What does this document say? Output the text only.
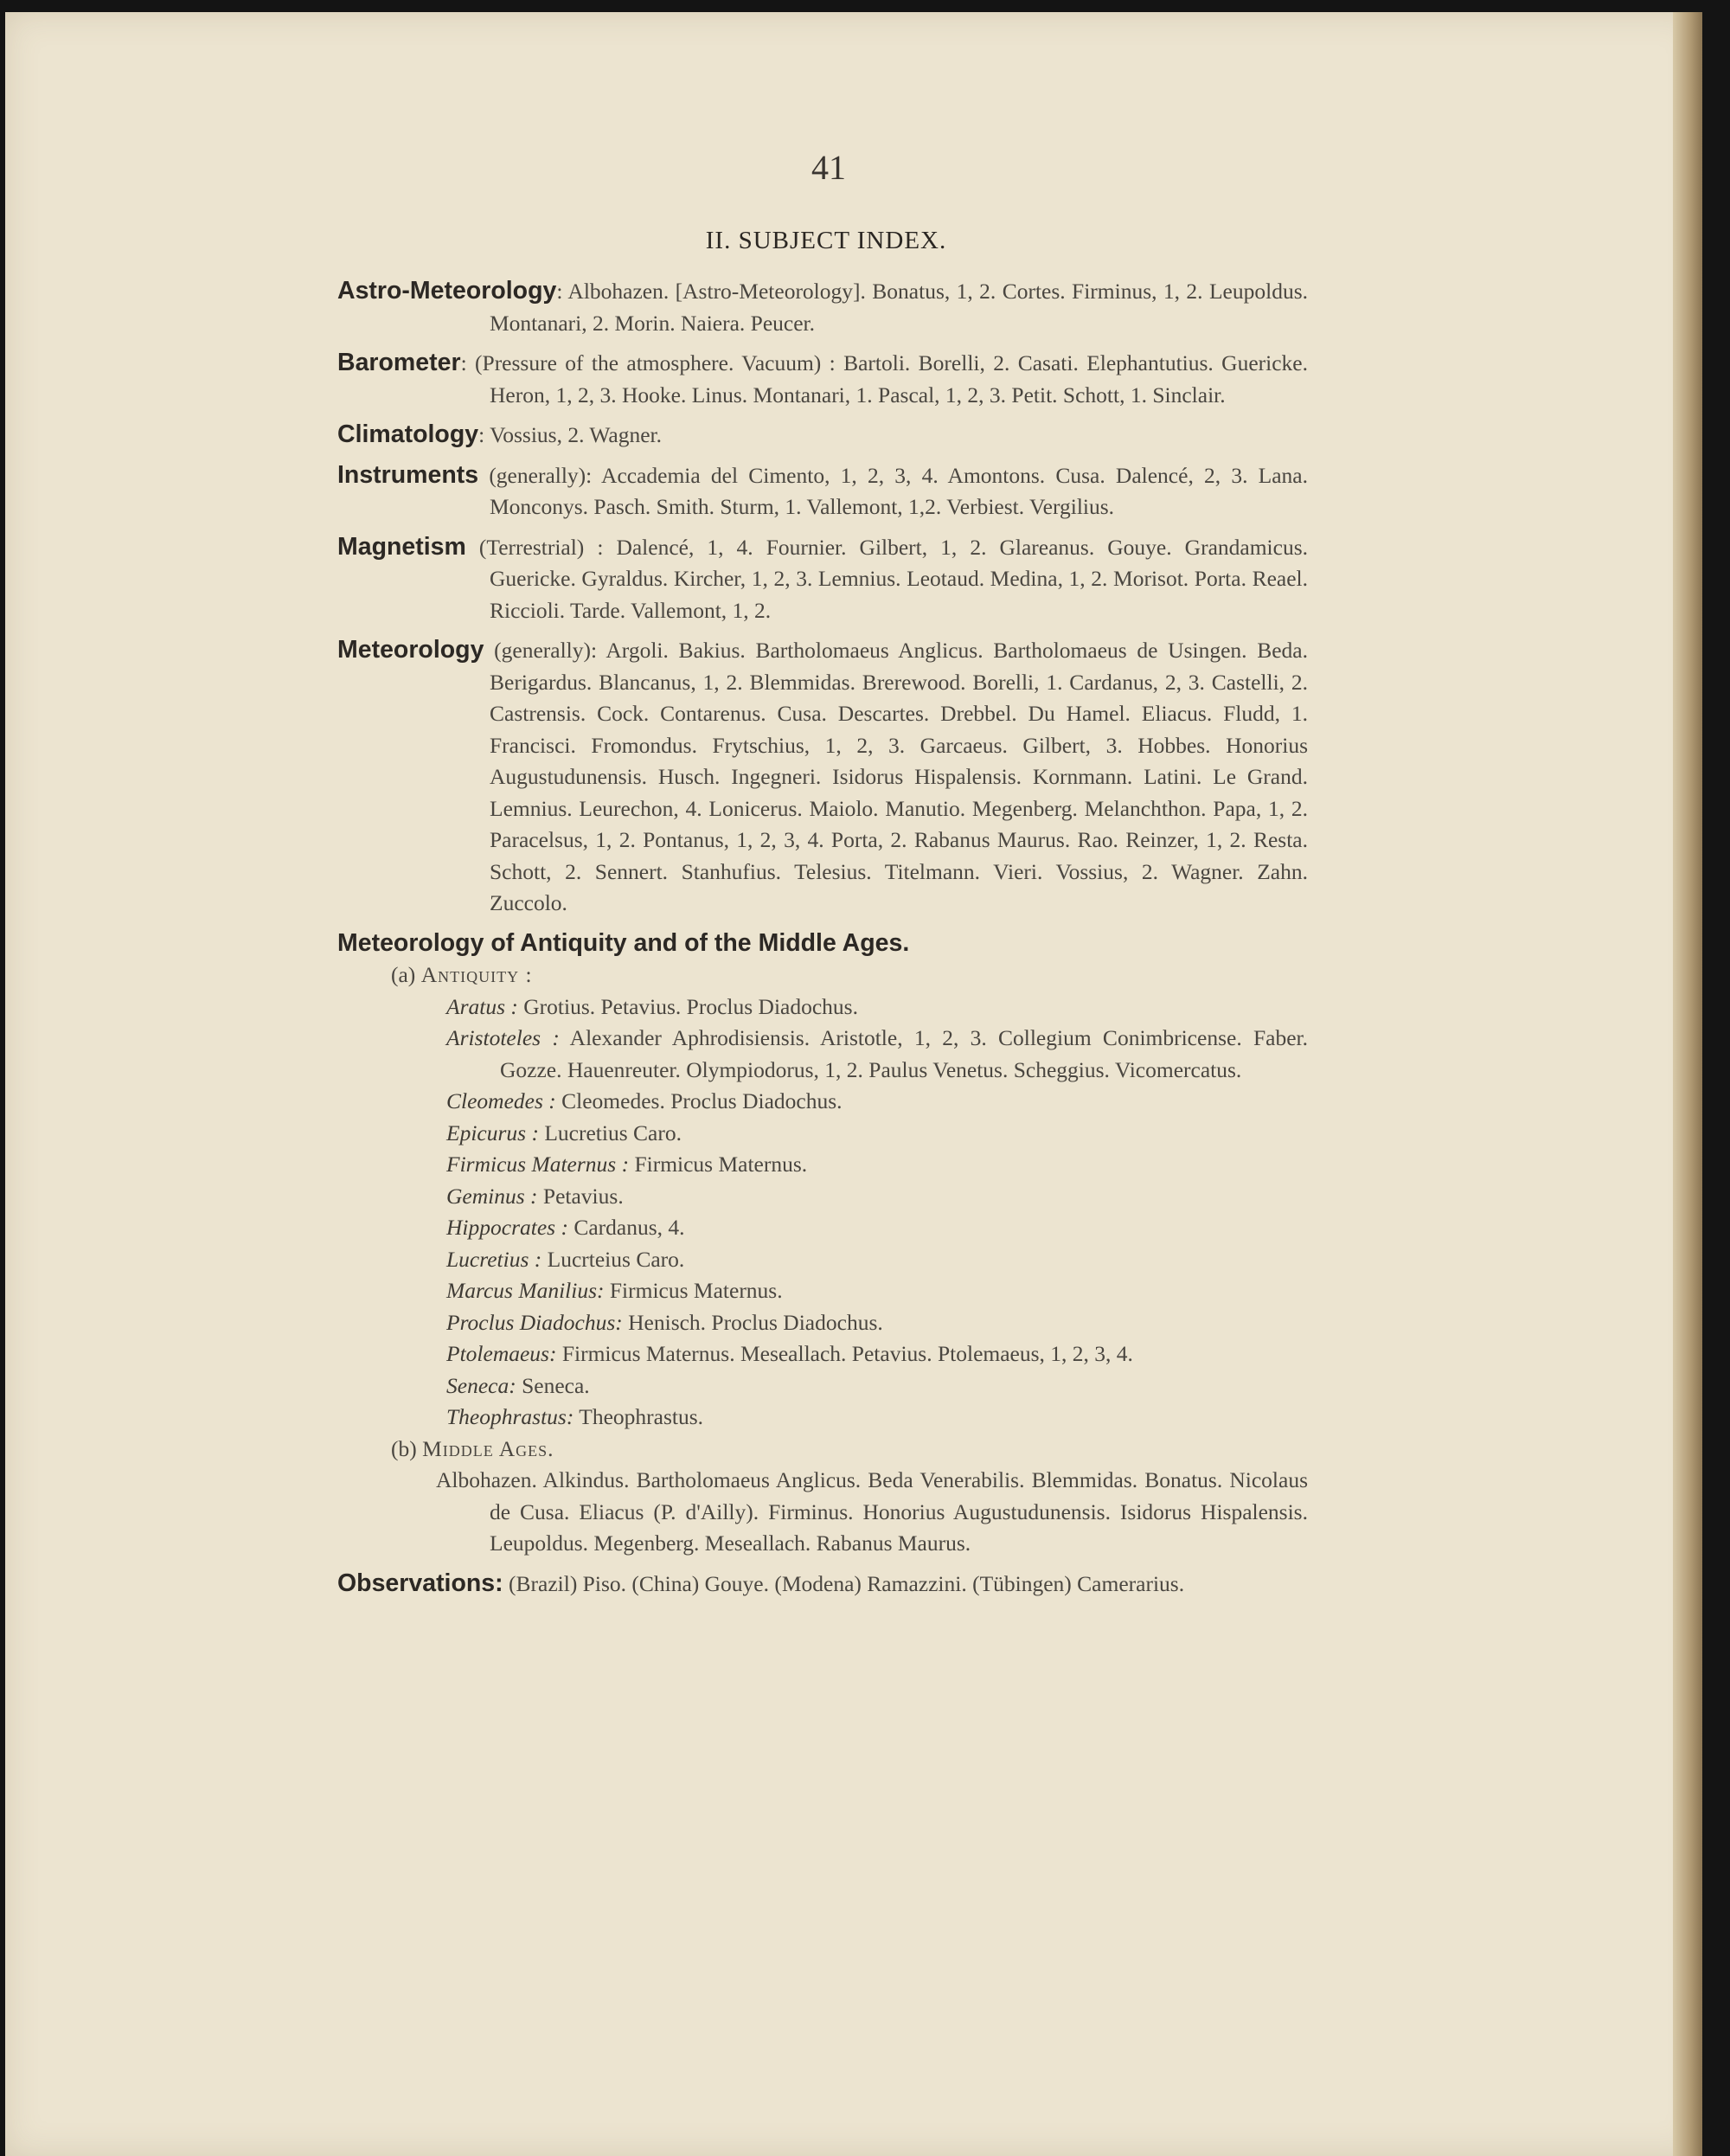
41
II. SUBJECT INDEX.
Astro-Meteorology: Albohazen. [Astro-Meteorology]. Bonatus, 1, 2. Cortes. Firminus, 1, 2. Leupoldus. Montanari, 2. Morin. Naiera. Peucer.
Barometer: (Pressure of the atmosphere. Vacuum) : Bartoli. Borelli, 2. Casati. Elephantutius. Guericke. Heron, 1, 2, 3. Hooke. Linus. Montanari, 1. Pascal, 1, 2, 3. Petit. Schott, 1. Sinclair.
Climatology: Vossius, 2. Wagner.
Instruments (generally): Accademia del Cimento, 1, 2, 3, 4. Amontons. Cusa. Dalencé, 2, 3. Lana. Monconys. Pasch. Smith. Sturm, 1. Vallemont, 1,2. Verbiest. Vergilius.
Magnetism (Terrestrial) : Dalencé, 1, 4. Fournier. Gilbert, 1, 2. Glareanus. Gouye. Grandamicus. Guericke. Gyraldus. Kircher, 1, 2, 3. Lemnius. Leotaud. Medina, 1, 2. Morisot. Porta. Reael. Riccioli. Tarde. Vallemont, 1, 2.
Meteorology (generally): Argoli. Bakius. Bartholomaeus Anglicus. Bartholomaeus de Usingen. Beda. Berigardus. Blancanus, 1, 2. Blemmidas. Brerewood. Borelli, 1. Cardanus, 2, 3. Castelli, 2. Castrensis. Cock. Contarenus. Cusa. Descartes. Drebbel. Du Hamel. Eliacus. Fludd, 1. Francisci. Fromondus. Frytschius, 1, 2, 3. Garcaeus. Gilbert, 3. Hobbes. Honorius Augustudunensis. Husch. Ingegneri. Isidorus Hispalensis. Kornmann. Latini. Le Grand. Lemnius. Leurechon, 4. Lonicerus. Maiolo. Manutio. Megenberg. Melanchthon. Papa, 1, 2. Paracelsus, 1, 2. Pontanus, 1, 2, 3, 4. Porta, 2. Rabanus Maurus. Rao. Reinzer, 1, 2. Resta. Schott, 2. Sennert. Stanhufius. Telesius. Titelmann. Vieri. Vossius, 2. Wagner. Zahn. Zuccolo.
Meteorology of Antiquity and of the Middle Ages.
(a) Antiquity :
Aratus : Grotius. Petavius. Proclus Diadochus.
Aristoteles : Alexander Aphrodisiensis. Aristotle, 1, 2, 3. Collegium Conimbricense. Faber. Gozze. Hauenreuter. Olympiodorus, 1, 2. Paulus Venetus. Scheggius. Vicomercatus.
Cleomedes : Cleomedes. Proclus Diadochus.
Epicurus : Lucretius Caro.
Firmicus Maternus : Firmicus Maternus.
Geminus : Petavius.
Hippocrates : Cardanus, 4.
Lucretius : Lucrteius Caro.
Marcus Manilius: Firmicus Maternus.
Proclus Diadochus: Henisch. Proclus Diadochus.
Ptolemaeus: Firmicus Maternus. Meseallach. Petavius. Ptolemaeus, 1, 2, 3, 4.
Seneca: Seneca.
Theophrastus: Theophrastus.
(b) Middle Ages.
Albohazen. Alkindus. Bartholomaeus Anglicus. Beda Venerabilis. Blemmidas. Bonatus. Nicolaus de Cusa. Eliacus (P. d'Ailly). Firminus. Honorius Augustudunensis. Isidorus Hispalensis. Leupoldus. Megenberg. Meseallach. Rabanus Maurus.
Observations: (Brazil) Piso. (China) Gouye. (Modena) Ramazzini. (Tübingen) Camerarius.
